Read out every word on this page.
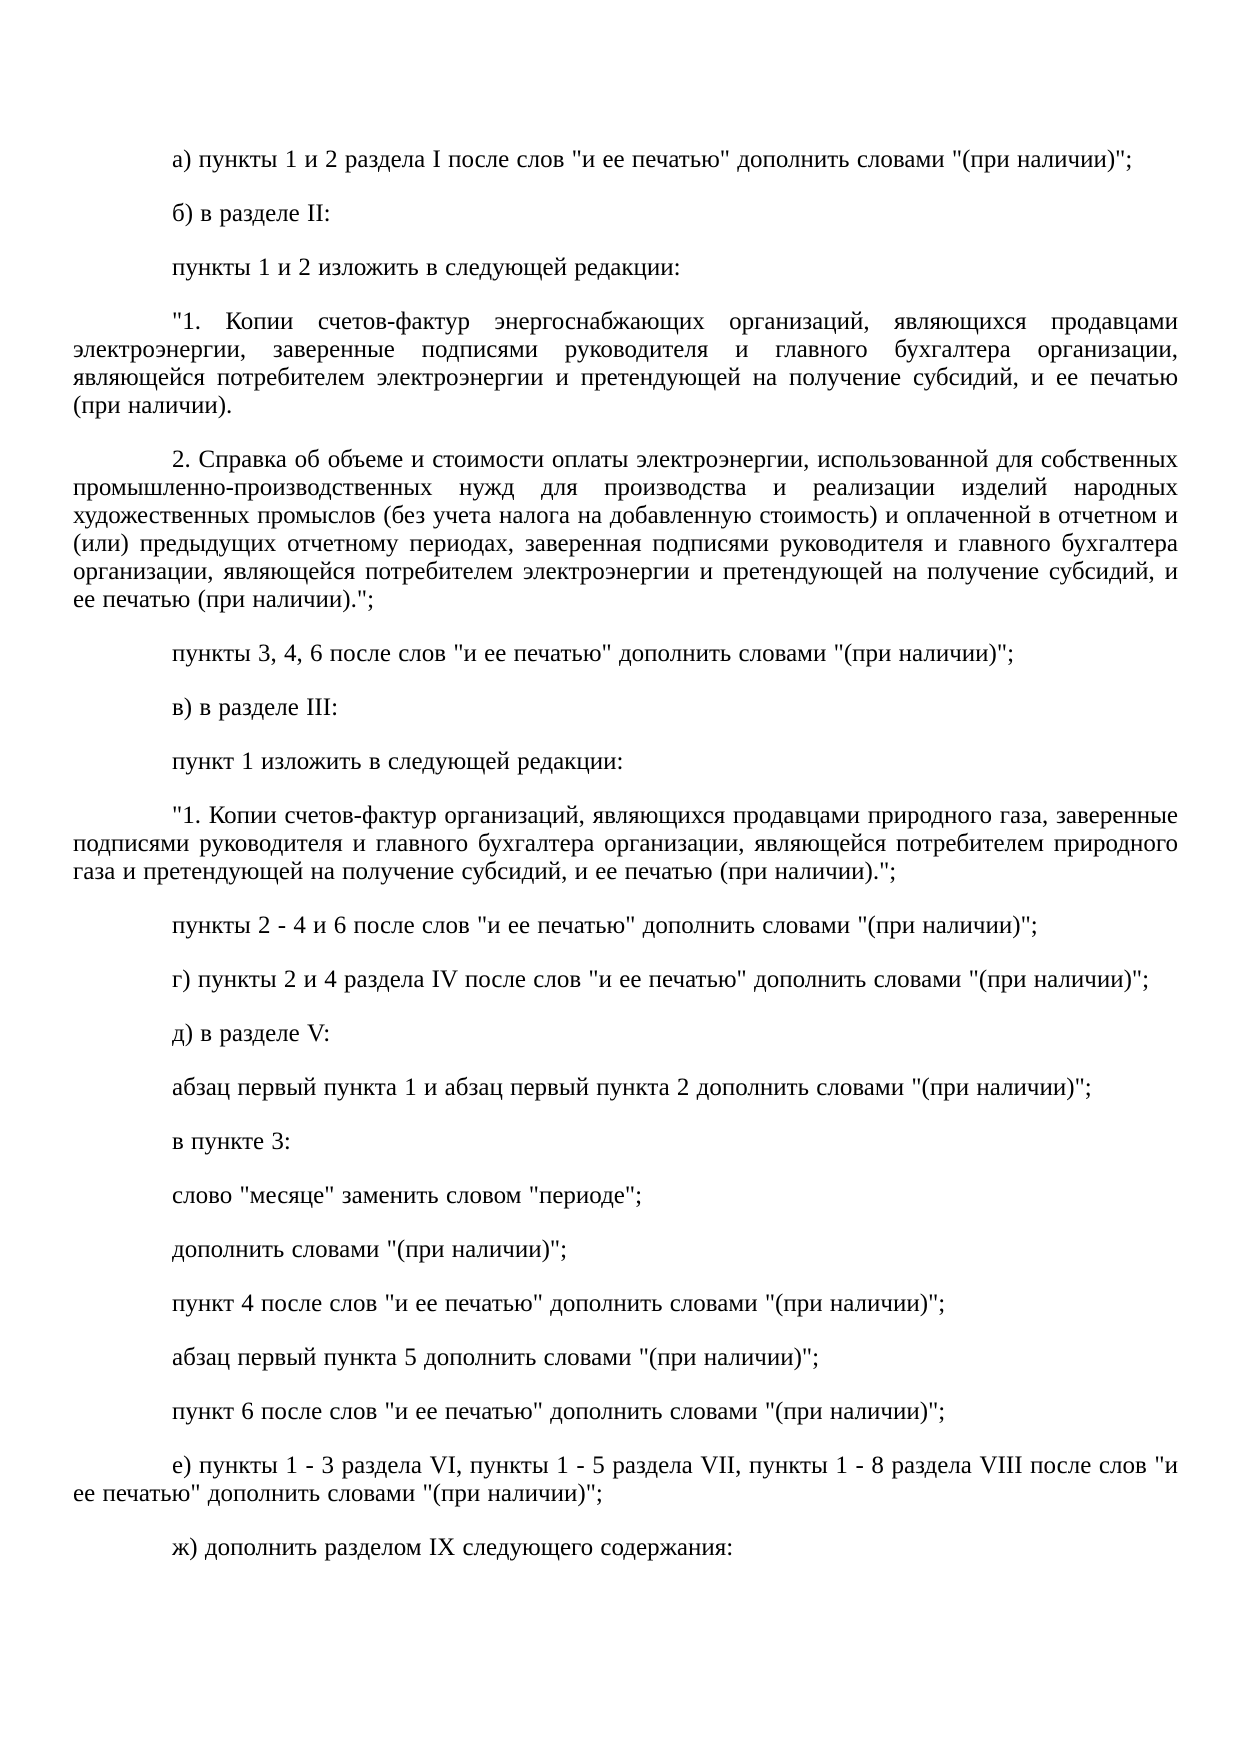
а) пункты 1 и 2 раздела I после слов "и ее печатью" дополнить словами "(при наличии)";

б) в разделе II:

пункты 1 и 2 изложить в следующей редакции:

"1. Копии счетов-фактур энергоснабжающих организаций, являющихся продавцами электроэнергии, заверенные подписями руководителя и главного бухгалтера организации, являющейся потребителем электроэнергии и претендующей на получение субсидий, и ее печатью (при наличии).

2. Справка об объеме и стоимости оплаты электроэнергии, использованной для собственных промышленно-производственных нужд для производства и реализации изделий народных художественных промыслов (без учета налога на добавленную стоимость) и оплаченной в отчетном и (или) предыдущих отчетному периодах, заверенная подписями руководителя и главного бухгалтера организации, являющейся потребителем электроэнергии и претендующей на получение субсидий, и ее печатью (при наличии).";

пункты 3, 4, 6 после слов "и ее печатью" дополнить словами "(при наличии)";

в) в разделе III:

пункт 1 изложить в следующей редакции:

"1. Копии счетов-фактур организаций, являющихся продавцами природного газа, заверенные подписями руководителя и главного бухгалтера организации, являющейся потребителем природного газа и претендующей на получение субсидий, и ее печатью (при наличии).";

пункты 2 - 4 и 6 после слов "и ее печатью" дополнить словами "(при наличии)";

г) пункты 2 и 4 раздела IV после слов "и ее печатью" дополнить словами "(при наличии)";

д) в разделе V:

абзац первый пункта 1 и абзац первый пункта 2 дополнить словами "(при наличии)";

в пункте 3:

слово "месяце" заменить словом "периоде";

дополнить словами "(при наличии)";

пункт 4 после слов "и ее печатью" дополнить словами "(при наличии)";

абзац первый пункта 5 дополнить словами "(при наличии)";

пункт 6 после слов "и ее печатью" дополнить словами "(при наличии)";

е) пункты 1 - 3 раздела VI, пункты 1 - 5 раздела VII, пункты 1 - 8 раздела VIII после слов "и ее печатью" дополнить словами "(при наличии)";

ж) дополнить разделом IX следующего содержания:
